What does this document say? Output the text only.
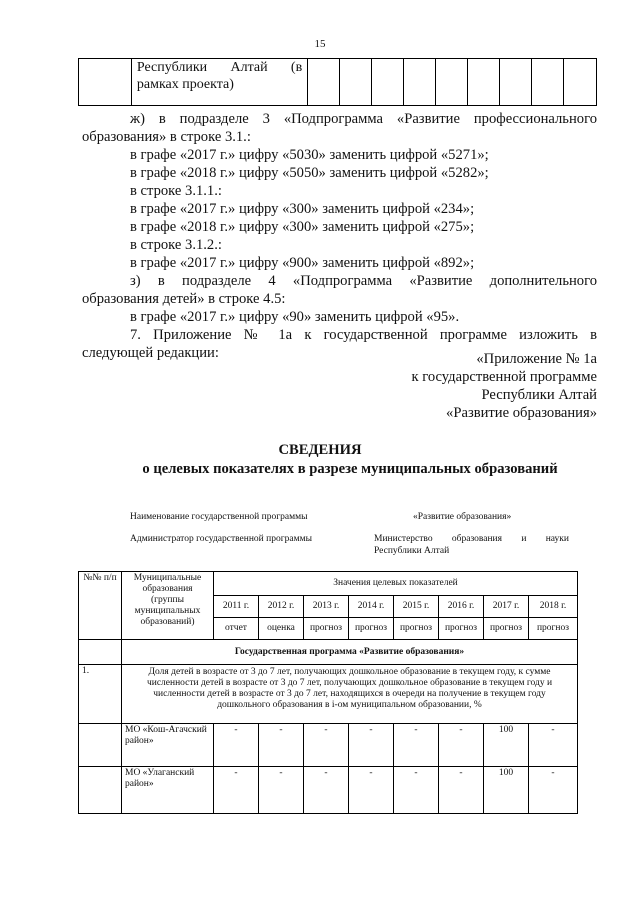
15

Республики Алтай (в
рамках проекта)

ж) в подразделе 3 «Подпрограмма «Развитие профессионального
образования» в строке 3.1.:
в графе «2017 г.» цифру «5030» заменить цифрой «5271»;
в графе «2018 г.» цифру «5050» заменить цифрой «5282»;
в строке 3.1.1.:
в графе «2017 г.» цифру «300» заменить цифрой «234»;
в графе «2018 г.» цифру «300» заменить цифрой «275»;
в строке 3.1.2.:
в графе «2017 г.» цифру «900» заменить цифрой «892»;
з) в подразделе 4 «Подпрограмма «Развитие дополнительного
образования детей» в строке 4.5:
в графе «2017 г.» цифру «90» заменить цифрой «95».
7. Приложение № 1а к государственной программе изложить в
следующей редакции:	«Приложение № 1а
к государственной программе
Республики Алтай
«Развитие образования»
СВЕДЕНИЯ
о целевых показателях в разрезе муниципальных образований
Наименование государственной программы	«Развитие образования»
Администратор государственной программы	Министерство образования и науки
Республики Алтай
№№ п/п	Муниципальные образования (группы муниципальных образований)	Значения целевых показателей							
		2011 г.	2012 г.	2013 г.	2014 г.	2015 г.	2016 г.	2017 г.	2018 г.
		отчет	оценка	прогноз	прогноз	прогноз	прогноз	прогноз	прогноз
	Государственная программа «Развитие образования»								
1.	Доля детей в возрасте от 3 до 7 лет, получающих дошкольное образование в текущем году, к сумме численности детей в возрасте от 3 до 7 лет, получающих дошкольное образование в текущем году и численности детей в возрасте от 3 до 7 лет, находящихся в очереди на получение в текущем году дошкольного образования в i-ом муниципальном образовании, %								
	МО «Кош-Агачский район»	-	-	-	-	-	-	100	-
	МО «Улаганский район»	-	-	-	-	-	-	100	-
